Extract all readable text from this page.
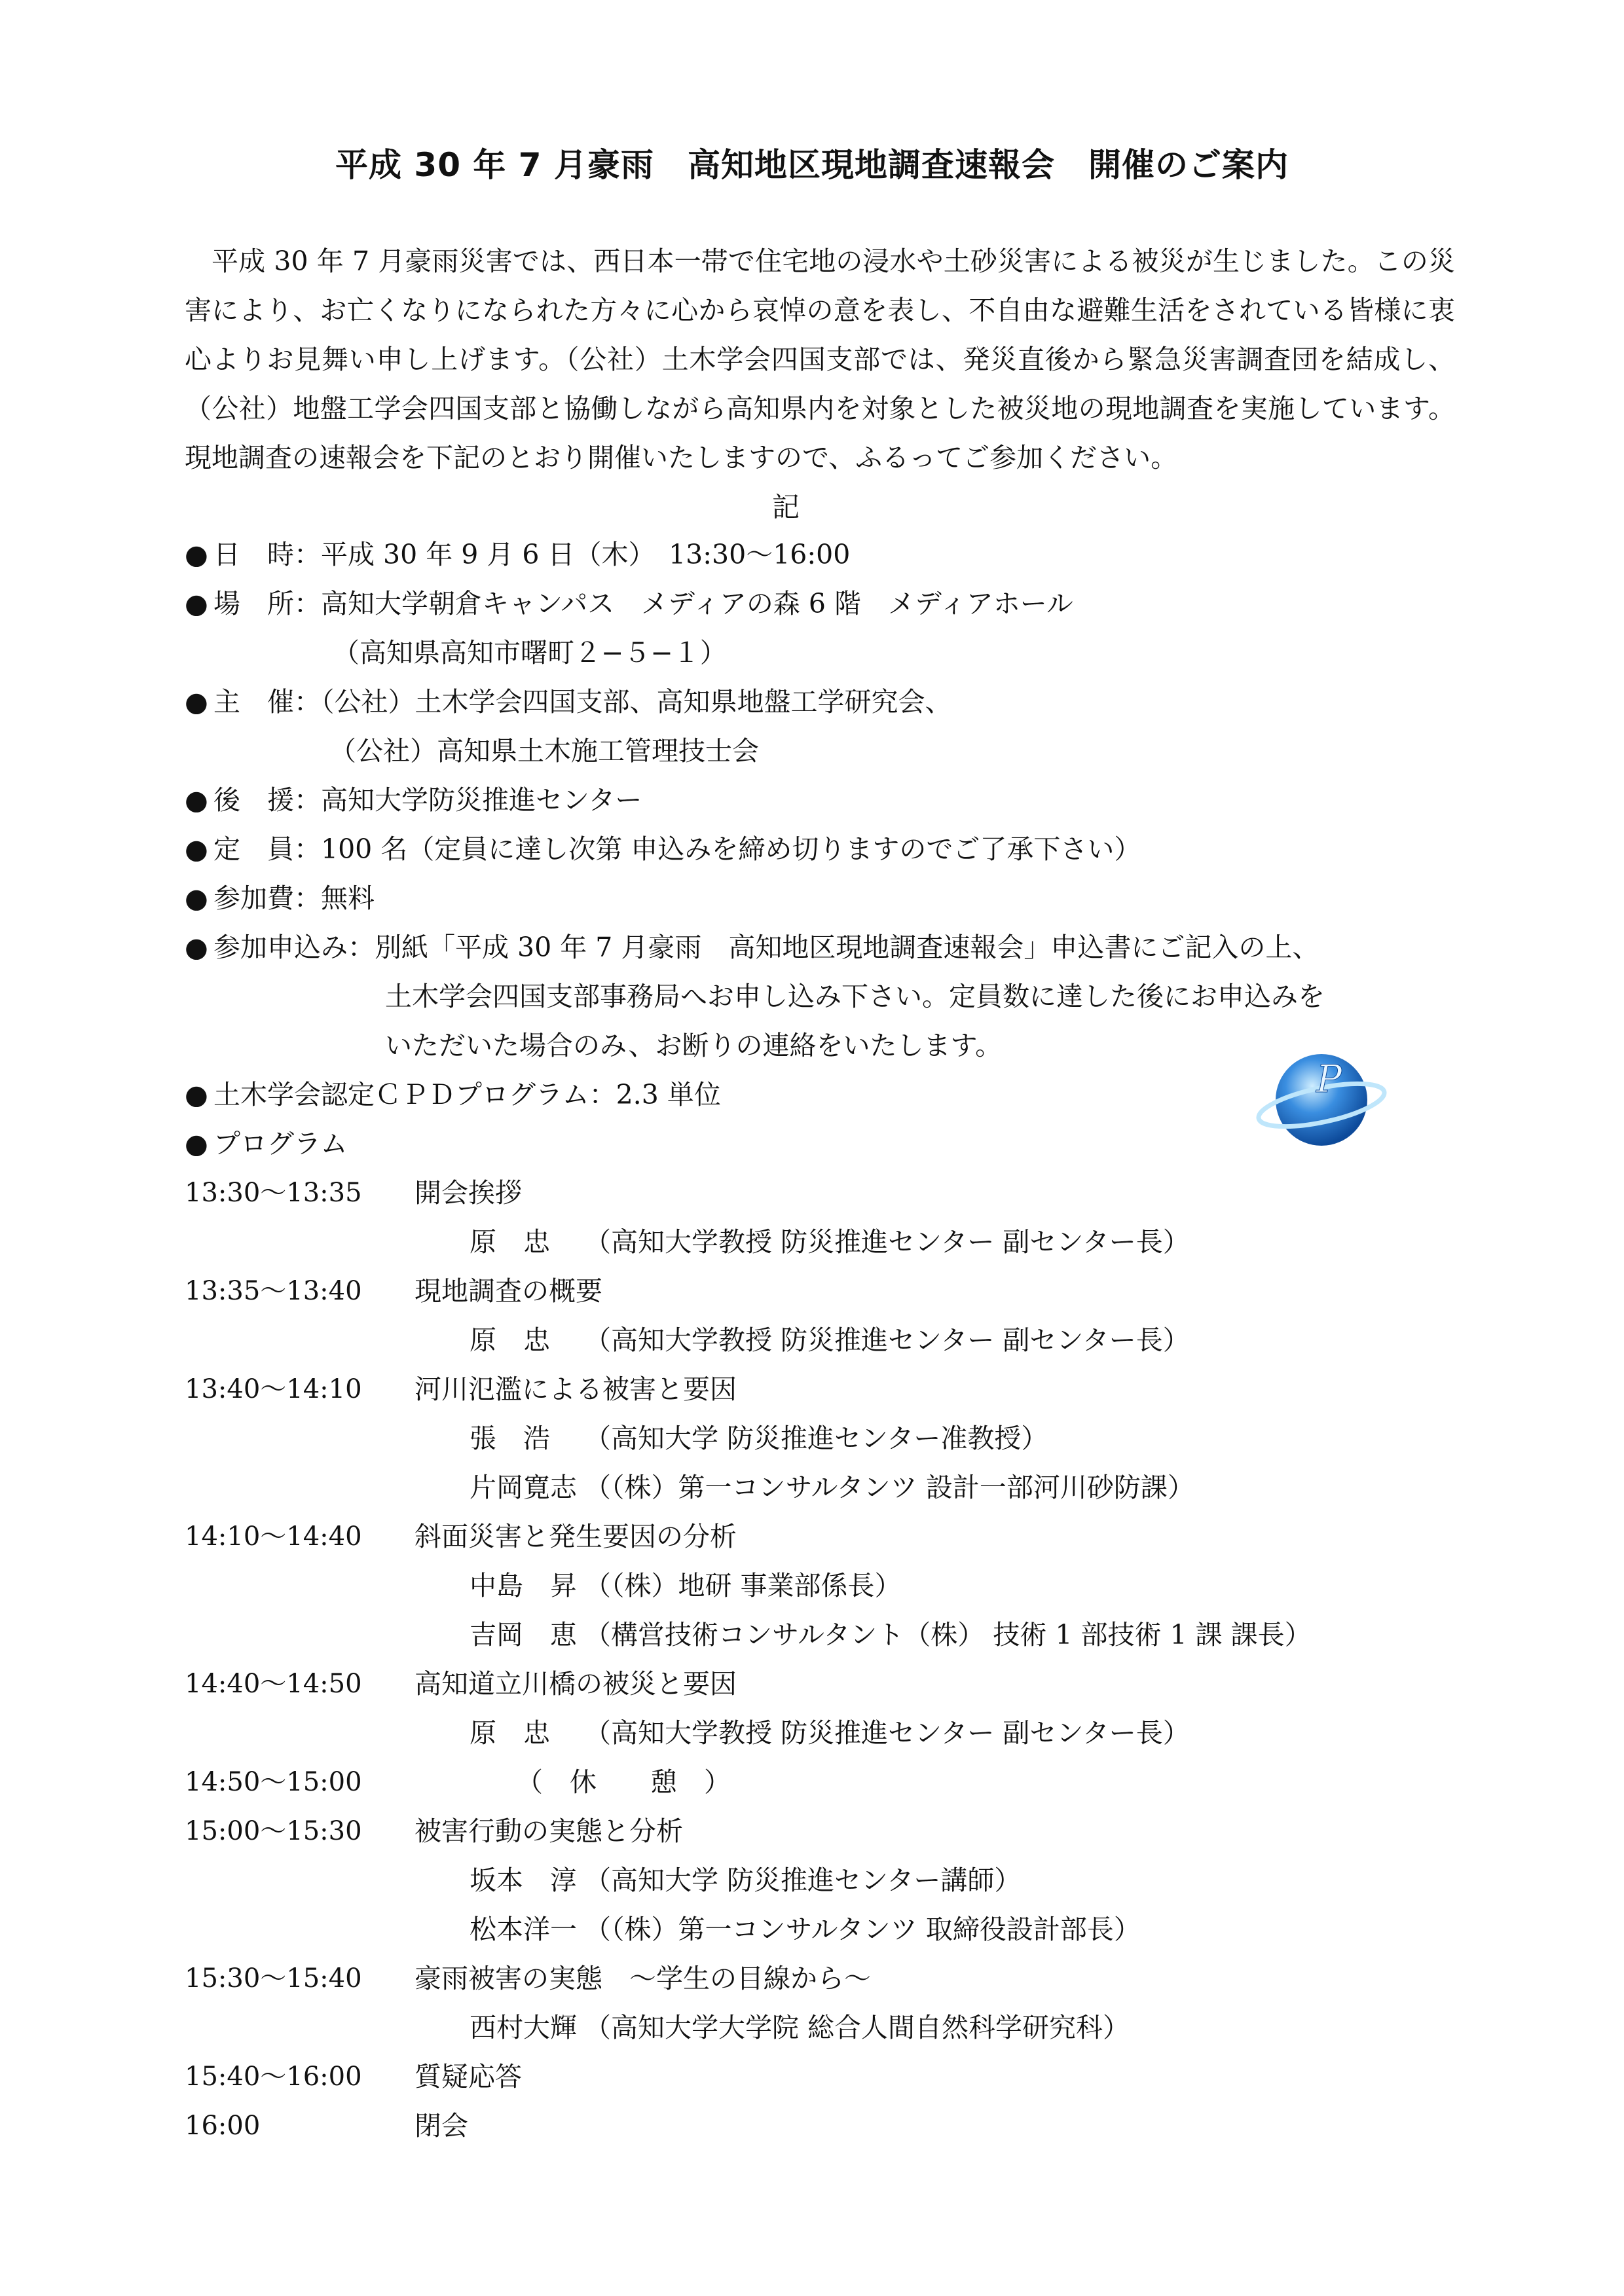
平成 30 年 7 月豪雨　高知地区現地調査速報会　開催のご案内

平成 30 年 7 月豪雨災害では、西日本一帯で住宅地の浸水や土砂災害による被災が生じました。この災害により、お亡くなりになられた方々に心から哀悼の意を表し、不自由な避難生活をされている皆様に衷心よりお見舞い申し上げます。（公社）土木学会四国支部では、発災直後から緊急災害調査団を結成し、（公社）地盤工学会四国支部と協働しながら高知県内を対象とした被災地の現地調査を実施しています。現地調査の速報会を下記のとおり開催いたしますので、ふるってご参加ください。

記
● 日　時：平成 30 年 9 月 6 日（木）　13:30〜16:00
● 場　所：高知大学朝倉キャンパス　メディアの森 6 階　メディアホール
（高知県高知市曙町２−５−１）
● 主　催：（公社）土木学会四国支部、高知県地盤工学研究会、
（公社）高知県土木施工管理技士会
● 後　援：高知大学防災推進センター
● 定　員：100 名（定員に達し次第 申込みを締め切りますのでご了承下さい）
● 参加費：無料
● 参加申込み：別紙「平成 30 年 7 月豪雨　高知地区現地調査速報会」申込書にご記入の上、
土木学会四国支部事務局へお申し込み下さい。定員数に達した後にお申込みを
いただいた場合のみ、お断りの連絡をいたします。
● 土木学会認定ＣＰＤプログラム：2.3 単位
● プログラム
P
13:30〜13:35 開会挨拶
原　忠 （高知大学教授 防災推進センター 副センター長）
13:35〜13:40 現地調査の概要
原　忠 （高知大学教授 防災推進センター 副センター長）
13:40〜14:10 河川氾濫による被害と要因
張　浩 （高知大学 防災推進センター准教授）
片岡寛志 （（株）第一コンサルタンツ 設計一部河川砂防課）
14:10〜14:40 斜面災害と発生要因の分析
中島　昇 （（株）地研 事業部係長）
吉岡　恵 （構営技術コンサルタント（株） 技術 1 部技術 1 課 課長）
14:40〜14:50 高知道立川橋の被災と要因
原　忠 （高知大学教授 防災推進センター 副センター長）
14:50〜15:00	（　休　　憩　）
15:00〜15:30 被害行動の実態と分析
坂本　淳 （高知大学 防災推進センター講師）
松本洋一 （（株）第一コンサルタンツ 取締役設計部長）
15:30〜15:40 豪雨被害の実態　〜学生の目線から〜
西村大輝 （高知大学大学院 総合人間自然科学研究科）
15:40〜16:00 質疑応答
16:00	閉会
